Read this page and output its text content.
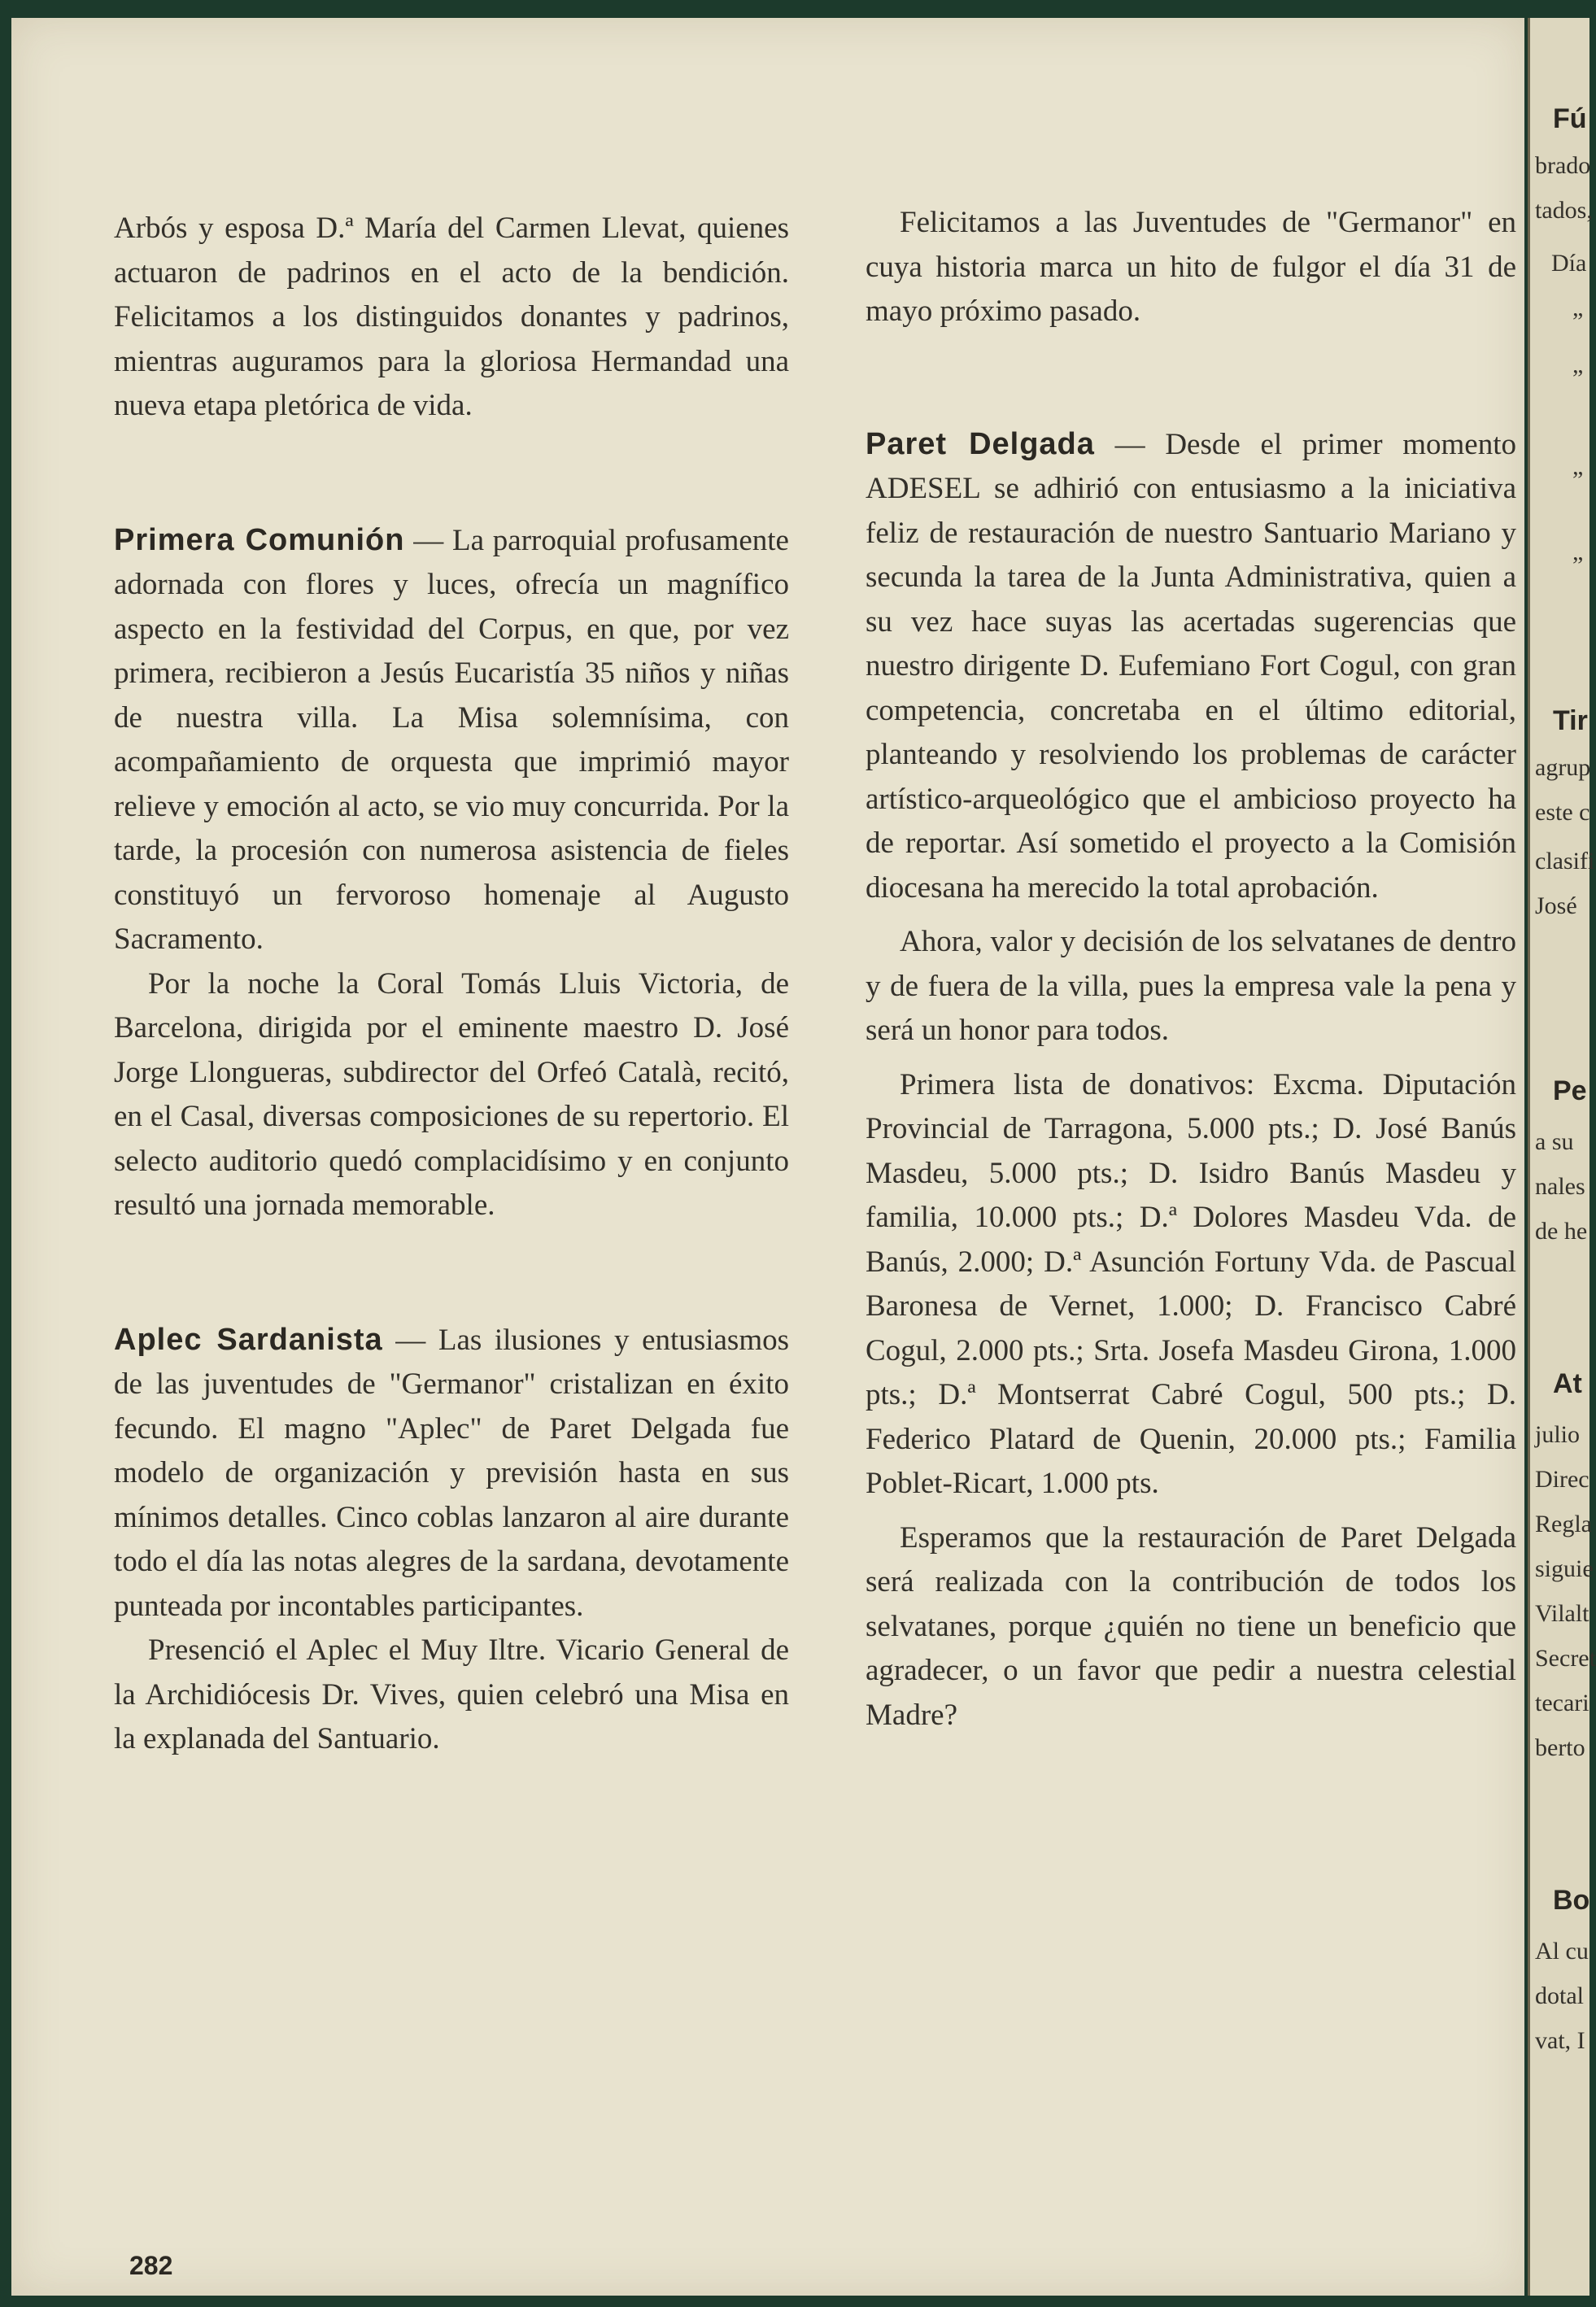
Arbós y esposa D.ª María del Carmen Llevat, quienes actuaron de padrinos en el acto de la bendición. Felicitamos a los distinguidos donantes y padrinos, mientras auguramos para la gloriosa Hermandad una nueva etapa pletórica de vida.

Primera Comunión — La parroquial profusamente adornada con flores y luces, ofrecía un magnífico aspecto en la festividad del Corpus, en que, por vez primera, recibieron a Jesús Eucaristía 35 niños y niñas de nuestra villa. La Misa solemnísima, con acompañamiento de orquesta que imprimió mayor relieve y emoción al acto, se vio muy concurrida. Por la tarde, la procesión con numerosa asistencia de fieles constituyó un fervoroso homenaje al Augusto Sacramento.

Por la noche la Coral Tomás Lluis Victoria, de Barcelona, dirigida por el eminente maestro D. José Jorge Llongueras, subdirector del Orfeó Català, recitó, en el Casal, diversas composiciones de su repertorio. El selecto auditorio quedó complacidísimo y en conjunto resultó una jornada memorable.

Aplec Sardanista — Las ilusiones y entusiasmos de las juventudes de "Germanor" cristalizan en éxito fecundo. El magno "Aplec" de Paret Delgada fue modelo de organización y previsión hasta en sus mínimos detalles. Cinco coblas lanzaron al aire durante todo el día las notas alegres de la sardana, devotamente punteada por incontables participantes.

Presenció el Aplec el Muy Iltre. Vicario General de la Archidiócesis Dr. Vives, quien celebró una Misa en la explanada del Santuario.

Felicitamos a las Juventudes de "Germanor" en cuya historia marca un hito de fulgor el día 31 de mayo próximo pasado.

Paret Delgada — Desde el primer momento ADESEL se adhirió con entusiasmo a la iniciativa feliz de restauración de nuestro Santuario Mariano y secunda la tarea de la Junta Administrativa, quien a su vez hace suyas las acertadas sugerencias que nuestro dirigente D. Eufemiano Fort Cogul, con gran competencia, concretaba en el último editorial, planteando y resolviendo los problemas de carácter artístico-arqueológico que el ambicioso proyecto ha de reportar. Así sometido el proyecto a la Comisión diocesana ha merecido la total aprobación.

Ahora, valor y decisión de los selvatanes de dentro y de fuera de la villa, pues la empresa vale la pena y será un honor para todos.

Primera lista de donativos: Excma. Diputación Provincial de Tarragona, 5.000 pts.; D. José Banús Masdeu, 5.000 pts.; D. Isidro Banús Masdeu y familia, 10.000 pts.; D.ª Dolores Masdeu Vda. de Banús, 2.000; D.ª Asunción Fortuny Vda. de Pascual Baronesa de Vernet, 1.000; D. Francisco Cabré Cogul, 2.000 pts.; Srta. Josefa Masdeu Girona, 1.000 pts.; D.ª Montserrat Cabré Cogul, 500 pts.; D. Federico Platard de Quenin, 20.000 pts.; Familia Poblet-Ricart, 1.000 pts.

Esperamos que la restauración de Paret Delgada será realizada con la contribución de todos los selvatanes, porque ¿quién no tiene un beneficio que agradecer, o un favor que pedir a nuestra celestial Madre?

282
Fú
brado
tados,
Día
„
„
„
„
Tir
agrup
este c
clasifi
José
Pe
a su
nales
de he
At
julio
Direc
Regla
siguie
Vilalt
Secret
tecari
berto
Bo
Al cu
dotal
vat, I
